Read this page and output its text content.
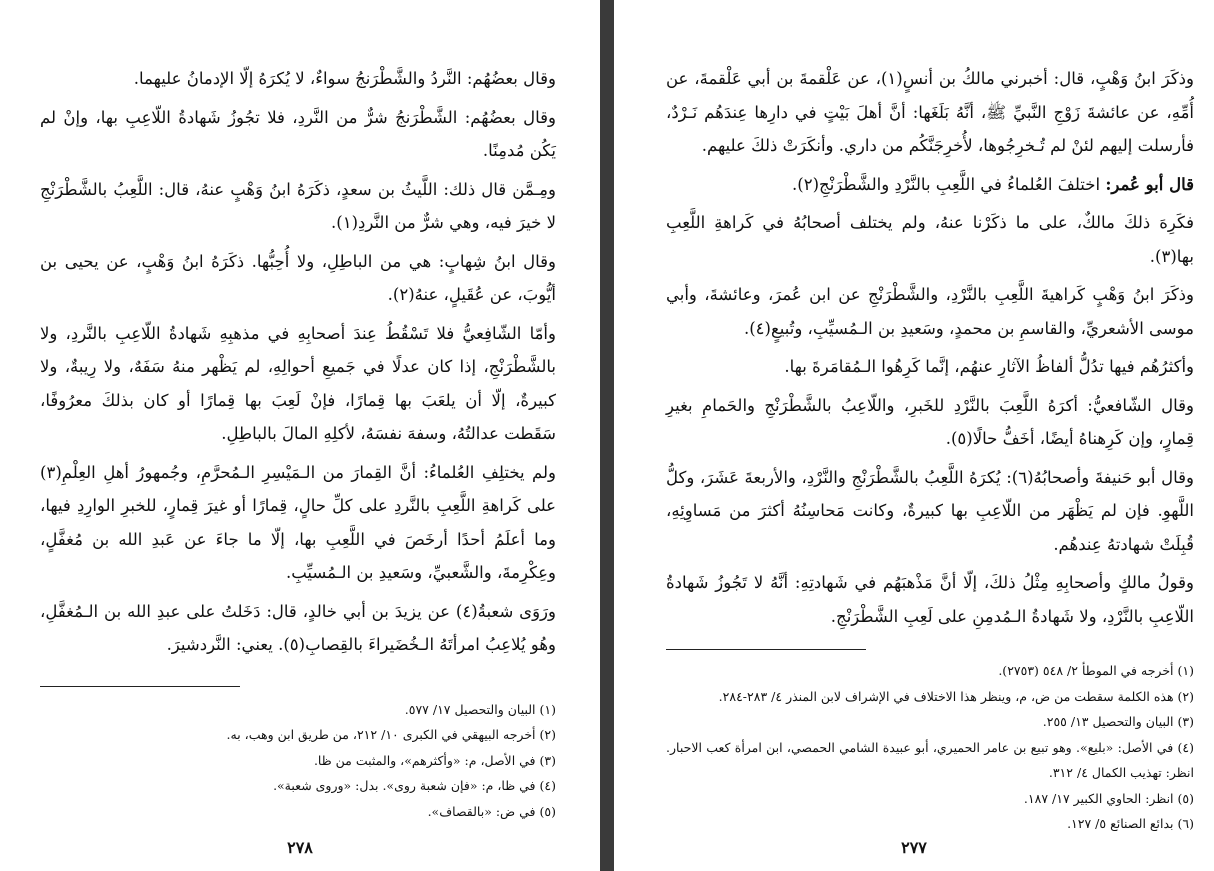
وقال بعضُهُم: النَّردُ والشَّطْرَنجُ سواءٌ، لا يُكرَهُ إلّا الإدمانُ عليهما.

وقال بعضُهُم: الشَّطْرَنجُ شرٌّ من النَّردِ، فلا تجُوزُ شَهادةُ اللّاعِبِ بها، وإنْ لم يَكُن مُدمِنًا.

ومِـمَّن قال ذلك: اللَّيثُ بن سعدٍ، ذكَرَهُ ابنُ وَهْبٍ عنهُ، قال: اللَّعِبُ بالشَّطْرَنْجِ لا خيرَ فيه، وهي شرٌّ من النَّردِ(١).

وقال ابنُ شِهابٍ: هي من الباطِلِ، ولا أُحِبُّها. ذكَرَهُ ابنُ وَهْبٍ، عن يحيى بن أيُّوبَ، عن عُقَيلٍ، عنهُ(٢).

وأمّا الشّافِعيُّ فلا تَسْقُطُ عِندَ أصحابِهِ في مذهبِهِ شَهادةُ اللّاعِبِ بالنَّردِ، ولا بالشَّطْرَنْجِ، إذا كان عدلًا في جَميعِ أحوالِهِ، لم يَظْهر منهُ سَفَهٌ، ولا رِيبةٌ، ولا كبيرةٌ، إلّا أن يلعَبَ بها قِمارًا، فإنْ لَعِبَ بها قِمارًا أو كان بذلكَ معرُوفًا، سَقَطت عدالتُهُ، وسفهَ نفسَهُ، لأكلِهِ المالَ بالباطِلِ.

ولم يختلِفِ العُلماءُ: أنَّ القِمارَ من الـمَيْسِرِ الـمُحرَّمِ، وجُمهورُ أهلِ العِلْمِ(٣) على كَراهةِ اللَّعِبِ بالنَّردِ على كلِّ حالٍ، قِمارًا أو غيرَ قِمارٍ، للخبرِ الوارِدِ فيها، وما أعلَمُ أحدًا أرخَصَ في اللَّعِبِ بها، إلّا ما جاءَ عن عَبدِ الله بن مُغفَّلٍ، وعِكْرِمةَ، والشَّعبيِّ، وسَعيدِ بن الـمُسيِّبِ.

ورَوَى شعبةُ(٤) عن يزيدَ بن أبي خالدٍ، قال: دَخَلتُ على عبدِ الله بن الـمُغفَّلِ، وهُو يُلاعِبُ امرأتَهُ الـخُضَيراءَ بالقِصابِ(٥). يعني: النَّردشيرَ.

(١) البيان والتحصيل ١٧/ ٥٧٧.

(٢) أخرجه البيهقي في الكبرى ١٠/ ٢١٢، من طريق ابن وهب، به.

(٣) في الأصل، م: «وأكثرهم»، والمثبت من ظا.

(٤) في ظا، م: «فإن شعبة روى». بدل: «وروى شعبة».

(٥) في ض: «بالقصاف».

٢٧٨

وذكَرَ ابنُ وَهْبٍ، قال: أخبرني مالكُ بن أنسٍ(١)، عن عَلْقمةَ بن أبي عَلْقمةَ، عن أُمِّهِ، عن عائشةَ زَوْجِ النَّبيِّ ﷺ، أنَّهُ بَلَغَها: أنَّ أهلَ بَيْتٍ في دارِها عِندَهُم نَـرْدٌ، فأرسلت إليهم لئنْ لم تُـخرِجُوها، لأُخرِجَنَّكُم من داري. وأنكَرَتْ ذلكَ عليهم.

قال أبو عُمر: اختلفَ العُلماءُ في اللَّعِبِ بالنَّرْدِ والشَّطْرَنْجِ(٢).

فكَرِهَ ذلكَ مالكٌ، على ما ذكَرْنا عنهُ، ولم يختلف أصحابُهُ في كَراهةِ اللَّعِبِ بها(٣).

وذكَرَ ابنُ وَهْبٍ كَراهيةَ اللَّعِبِ بالنَّرْدِ، والشَّطْرَنْجِ عن ابن عُمرَ، وعائشةَ، وأبي موسى الأشعريِّ، والقاسمِ بن محمدٍ، وسَعيدِ بن الـمُسيِّبِ، وتُبيعٍ(٤).

وأكثرُهُم فيها تدُلُّ ألفاظُ الآثارِ عنهُم، إنَّما كَرِهُوا الـمُقامَرةَ بها.

وقال الشّافعيُّ: أكرَهُ اللَّعِبَ بالنَّرْدِ للخَبرِ، واللّاعِبُ بالشَّطْرَنْجِ والحَمامِ بغيرِ قِمارٍ، وإن كَرِهناهُ أيضًا، أخَفُّ حالًا(٥).

وقال أبو حَنيفةَ وأصحابُهُ(٦): يُكرَهُ اللَّعِبُ بالشَّطْرَنْجِ والنَّرْدِ، والأربعةَ عَشَرَ، وكلُّ اللَّهوِ. فإن لم يَظْهَر من اللّاعِبِ بها كبيرةٌ، وكانت مَحاسِنُهُ أكثرَ من مَساوِئِهِ، قُبِلَتْ شهادتهُ عِندهُم.

وقولُ مالكٍ وأصحابِهِ مِثْلُ ذلكَ، إلّا أنَّ مَذْهبَهُم في شَهادتِهِ: أنَّهُ لا تَجُوزُ شَهادةُ اللّاعِبِ بالنَّرْدِ، ولا شَهادةُ الـمُدمِنِ على لَعِبِ الشَّطْرَنْجِ.

(١) أخرجه في الموطأ ٢/ ٥٤٨ (٢٧٥٣).

(٢) هذه الكلمة سقطت من ض، م، وينظر هذا الاختلاف في الإشراف لابن المنذر ٤/ ٢٨٣-٢٨٤.

(٣) البيان والتحصيل ١٣/ ٢٥٥.

(٤) في الأصل: «بليع». وهو تبيع بن عامر الحميري، أبو عبيدة الشامي الحمصي، ابن امرأة كعب الاحبار. انظر: تهذيب الكمال ٤/ ٣١٢.

(٥) انظر: الحاوي الكبير ١٧/ ١٨٧.

(٦) بدائع الصنائع ٥/ ١٢٧.

٢٧٧
